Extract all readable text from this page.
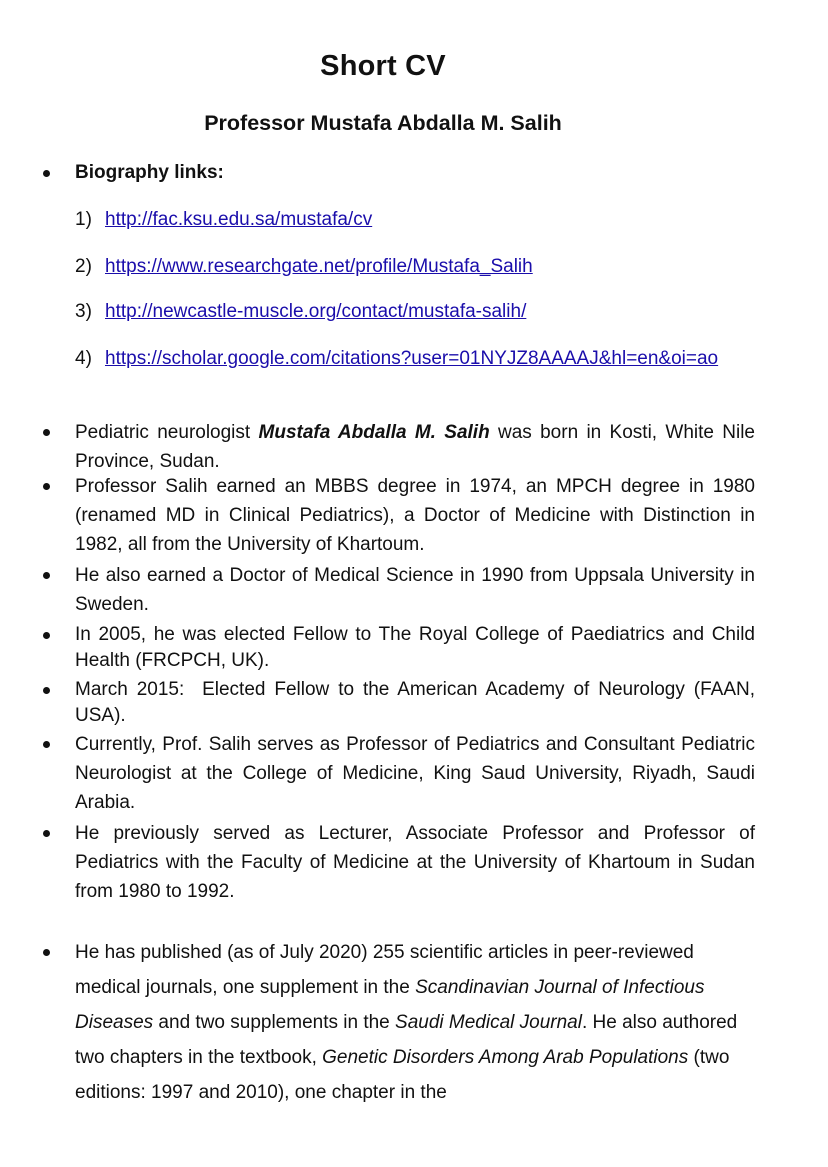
Short CV
Professor Mustafa Abdalla M. Salih
Biography links:
1) http://fac.ksu.edu.sa/mustafa/cv
2) https://www.researchgate.net/profile/Mustafa_Salih
3) http://newcastle-muscle.org/contact/mustafa-salih/
4) https://scholar.google.com/citations?user=01NYJZ8AAAAJ&hl=en&oi=ao
Pediatric neurologist Mustafa Abdalla M. Salih was born in Kosti, White Nile Province, Sudan.
Professor Salih earned an MBBS degree in 1974, an MPCH degree in 1980 (renamed MD in Clinical Pediatrics), a Doctor of Medicine with Distinction in 1982, all from the University of Khartoum.
He also earned a Doctor of Medical Science in 1990 from Uppsala University in Sweden.
In 2005, he was elected Fellow to The Royal College of Paediatrics and Child Health (FRCPCH, UK).
March 2015:  Elected Fellow to the American Academy of Neurology (FAAN, USA).
Currently, Prof. Salih serves as Professor of Pediatrics and Consultant Pediatric Neurologist at the College of Medicine, King Saud University, Riyadh, Saudi Arabia.
He previously served as Lecturer, Associate Professor and Professor of Pediatrics with the Faculty of Medicine at the University of Khartoum in Sudan from 1980 to 1992.
He has published (as of July 2020) 255 scientific articles in peer-reviewed medical journals, one supplement in the Scandinavian Journal of Infectious Diseases and two supplements in the Saudi Medical Journal. He also authored two chapters in the textbook, Genetic Disorders Among Arab Populations (two editions: 1997 and 2010), one chapter in the
